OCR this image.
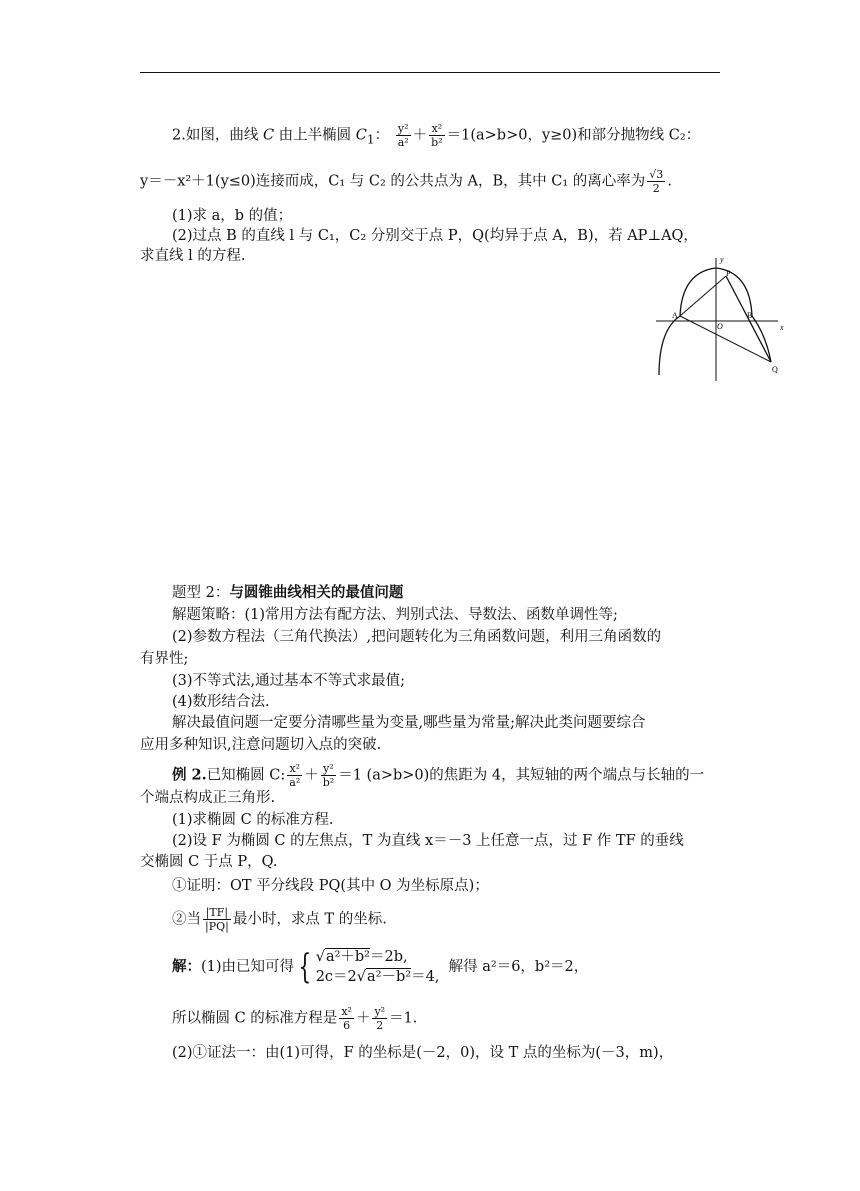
2.如图，曲线 C 由上半椭圆 $C_1$： $\frac{\text{y²}}{\text{a²}} + \frac{\text{x²}}{\text{b²}} =1(a>b>0$，y≥0)和部分抛物线 C₂：
y＝－x²＋1(y≤0)连接而成，C₁ 与 C₂ 的公共点为 A，B，其中 C₁ 的离心率为 $\frac{√3}{2}$ .
(1)求 a，b 的值；
(2)过点 B 的直线 l 与 C₁，C₂ 分别交于点 P，Q(均异于点 A，B)，若 AP⊥AQ，
求直线 l 的方程.	y
x
P
A	B
O
Q
题型 2：与圆锥曲线相关的最值问题
解题策略：(1)常用方法有配方法、判别式法、导数法、函数单调性等;
(2)参数方程法（三角代换法）,把问题转化为三角函数问题，利用三角函数的
有界性;
(3)不等式法,通过基本不等式求最值;
(4)数形结合法.
解决最值问题一定要分清哪些量为变量,哪些量为常量;解决此类问题要综合
应用多种知识,注意问题切入点的突破.
例 2.已知椭圆 C: $\frac{\text{x²}}{\text{a²}} + \frac{\text{y²}}{\text{b²}} =1$ (a>b>0)的焦距为 4，其短轴的两个端点与长轴的一
个端点构成正三角形.
(1)求椭圆 C 的标准方程.
(2)设 F 为椭圆 C 的左焦点，T 为直线 x＝－3 上任意一点，过 F 作 TF 的垂线
交椭圆 C 于点 P，Q.
①证明：OT 平分线段 PQ(其中 O 为坐标原点)；
②当 $\frac{|TF|}{|PQ|}$ 最小时，求点 T 的坐标.
解：(1)由已知可得 { √a²＋b²＝2b,
2c＝2√a²－b²＝4,
解得 a²＝6，b²＝2，
所以椭圆 C 的标准方程是 $\frac{\text{x²}}{6} + \frac{\text{y²}}{2} =1$.
(2)①证法一：由(1)可得，F 的坐标是(－2，0)，设 T 点的坐标为(－3，m)，
